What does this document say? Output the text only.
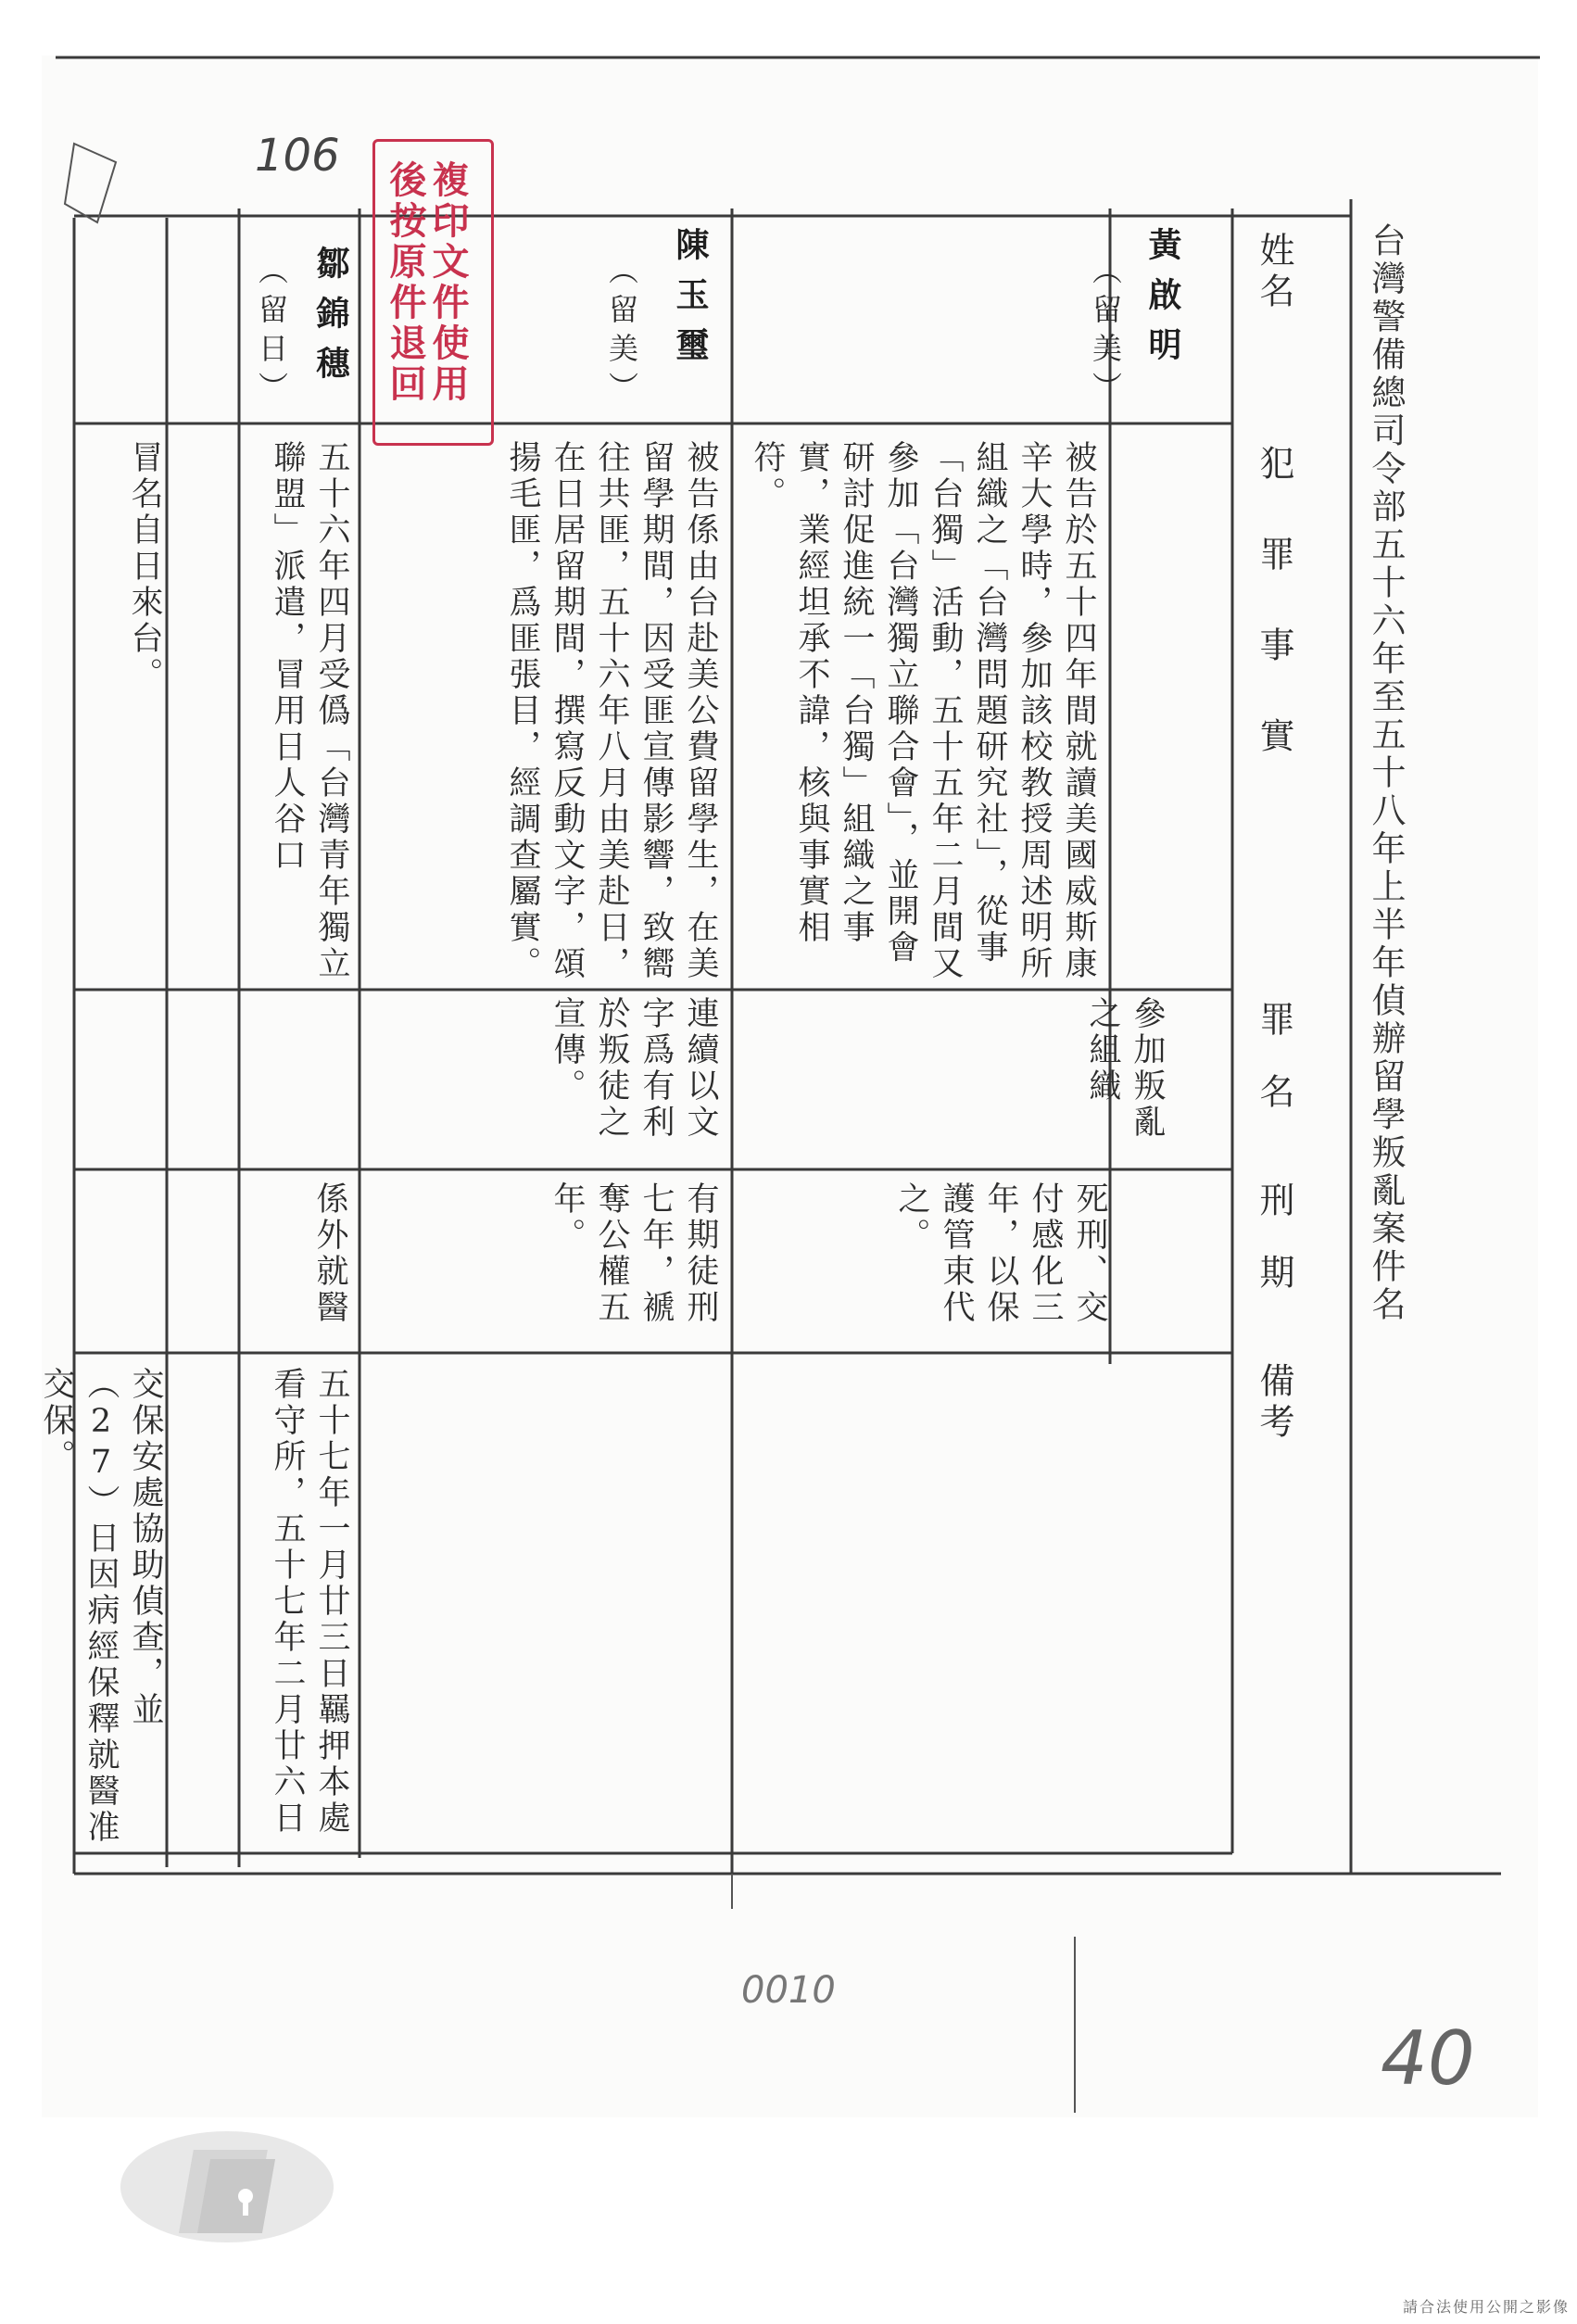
台灣警備總司令部五十六年至五十八年上半年偵辦留學叛亂案件名
姓名
犯罪事實
罪名
刑期
備考
黃啟明
（留美）
被告於五十四年間就讀美國威斯康辛大學時，參加該校教授周述明所組織之「台灣問題研究社」，從事「台獨」活動，五十五年二月間又參加「台灣獨立聯合會」，並開會研討促進統一「台獨」組織之事實，業經坦承不諱，核與事實相符。
參加叛亂之組織
死刑、交付感化三年，以保護管束代之。
陳玉璽
（留美）
被告係由台赴美公費留學生，在美留學期間，因受匪宣傳影響，致嚮往共匪，五十六年八月由美赴日，在日居留期間，撰寫反動文字，頌揚毛匪，爲匪張目，經調查屬實。
連續以文字爲有利於叛徒之宣傳。
有期徒刑七年，褫奪公權五年。
鄒錦穗
（留日）
五十六年四月受僞「台灣青年獨立聯盟」派遣，冒用日人谷口
係外就醫
五十七年一月廿三日羈押本處看守所，五十七年二月廿六日
冒名自日來台。
交保安處協助偵查，並（27）日因病經保釋就醫准交保。
複印文件使用
後按原件退回
106
0010
40
請合法使用公開之影像
